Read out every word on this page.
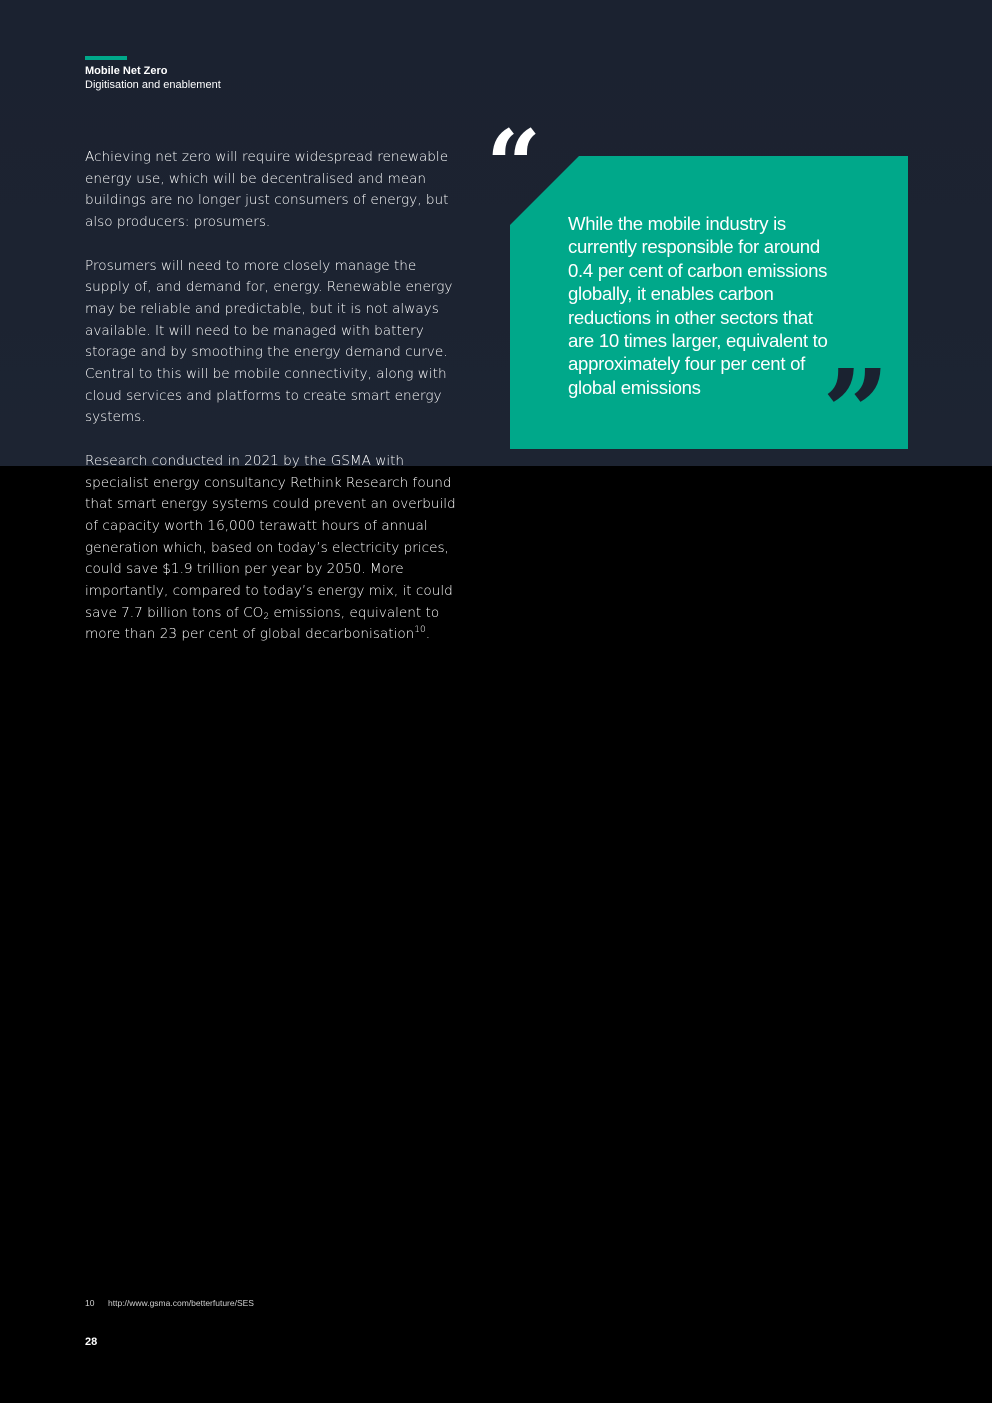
Mobile Net Zero
Digitisation and enablement

Achieving net zero will require widespread renewable energy use, which will be decentralised and mean buildings are no longer just consumers of energy, but also producers: prosumers.

Prosumers will need to more closely manage the supply of, and demand for, energy. Renewable energy may be reliable and predictable, but it is not always available. It will need to be managed with battery storage and by smoothing the energy demand curve. Central to this will be mobile connectivity, along with cloud services and platforms to create smart energy systems.

Research conducted in 2021 by the GSMA with specialist energy consultancy Rethink Research found that smart energy systems could prevent an overbuild of capacity worth 16,000 terawatt hours of annual generation which, based on today’s electricity prices, could save $1.9 trillion per year by 2050. More importantly, compared to today’s energy mix, it could save 7.7 billion tons of $CO_2$ emissions, equivalent to more than 23 per cent of global decarbonisation$^{10}$.

“
While the mobile industry is currently responsible for around 0.4 per cent of carbon emissions globally, it enables carbon reductions in other sectors that are 10 times larger, equivalent to approximately four per cent of global emissions	”
10 http://www.gsma.com/betterfuture/SES
28
